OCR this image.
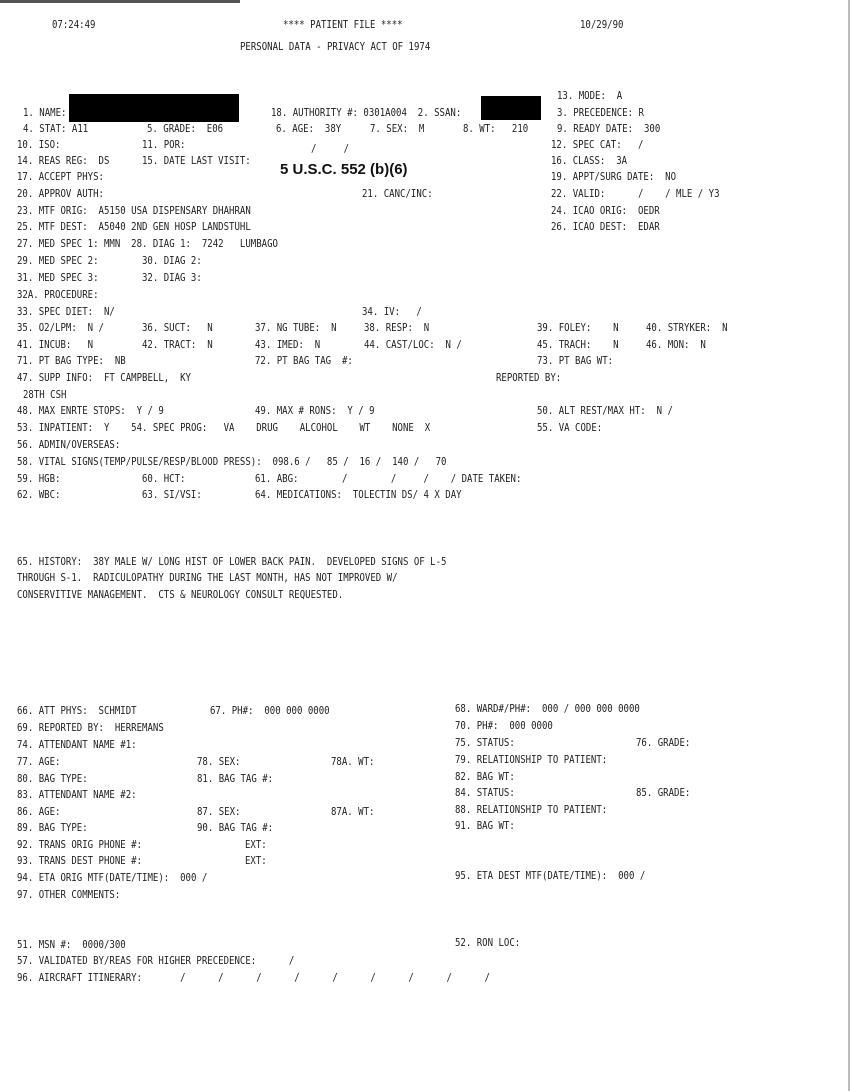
07:24:49	**** PATIENT FILE ****	10/29/90
PERSONAL DATA - PRIVACY ACT OF 1974
13. MODE:  A
1. NAME:	18. AUTHORITY #: 0301A004  2. SSAN:	3. PRECEDENCE: R
4. STAT: A11	5. GRADE:  E06	6. AGE:  38Y	7. SEX:  M	8. WT:   210	9. READY DATE:  300
10. ISO:	11. POR:	12. SPEC CAT:   /
/     /
14. REAS REG:  DS	15. DATE LAST VISIT: 5 U.S.C. 552 (b)(6)	16. CLASS:  3A
17. ACCEPT PHYS:	19. APPT/SURG DATE:  NO
20. APPROV AUTH:	21. CANC/INC:	22. VALID:      /    / MLE / Y3
23. MTF ORIG:  A5150 USA DISPENSARY DHAHRAN	24. ICAO ORIG:  OEDR
25. MTF DEST:  A5040 2ND GEN HOSP LANDSTUHL	26. ICAO DEST:  EDAR
27. MED SPEC 1: MMN  28. DIAG 1:  7242   LUMBAGO
29. MED SPEC 2:	30. DIAG 2:
31. MED SPEC 3:	32. DIAG 3:
32A. PROCEDURE:
33. SPEC DIET:  N/	34. IV:   /
35. O2/LPM:  N /	36. SUCT:   N	37. NG TUBE:  N	38. RESP:  N	39. FOLEY:    N	40. STRYKER:  N
41. INCUB:   N	42. TRACT:  N	43. IMED:  N	44. CAST/LOC:  N /	45. TRACH:    N	46. MON:  N
71. PT BAG TYPE:  NB	72. PT BAG TAG  #:	73. PT BAG WT:
47. SUPP INFO:  FT CAMPBELL,  KY	REPORTED BY:
28TH CSH
48. MAX ENRTE STOPS:  Y / 9	49. MAX # RONS:  Y / 9	50. ALT REST/MAX HT:  N /
53. INPATIENT:  Y    54. SPEC PROG:   VA    DRUG    ALCOHOL    WT    NONE  X	55. VA CODE:
56. ADMIN/OVERSEAS:
58. VITAL SIGNS(TEMP/PULSE/RESP/BLOOD PRESS):  098.6 /   85 /  16 /  140 /   70
59. HGB:	60. HCT:	61. ABG:        /        /     /    / DATE TAKEN:
62. WBC:	63. SI/VSI:	64. MEDICATIONS:  TOLECTIN DS/ 4 X DAY
65. HISTORY:  38Y MALE W/ LONG HIST OF LOWER BACK PAIN.  DEVELOPED SIGNS OF L-5
THROUGH S-1.  RADICULOPATHY DURING THE LAST MONTH, HAS NOT IMPROVED W/
CONSERVITIVE MANAGEMENT.  CTS & NEUROLOGY CONSULT REQUESTED.
66. ATT PHYS:  SCHMIDT	67. PH#:  000 000 0000	68. WARD#/PH#:  000 / 000 000 0000
69. REPORTED BY:  HERREMANS	70. PH#:  000 0000
74. ATTENDANT NAME #1:	75. STATUS:	76. GRADE:
77. AGE:	78. SEX:	78A. WT:	79. RELATIONSHIP TO PATIENT:
80. BAG TYPE:	81. BAG TAG #:	82. BAG WT:
83. ATTENDANT NAME #2:	84. STATUS:	85. GRADE:
86. AGE:	87. SEX:	87A. WT:	88. RELATIONSHIP TO PATIENT:
89. BAG TYPE:	90. BAG TAG #:	91. BAG WT:
92. TRANS ORIG PHONE #:	EXT:
93. TRANS DEST PHONE #:	EXT:
94. ETA ORIG MTF(DATE/TIME):  000 /	95. ETA DEST MTF(DATE/TIME):  000 /
97. OTHER COMMENTS:
51. MSN #:  0000/300	52. RON LOC:
57. VALIDATED BY/REAS FOR HIGHER PRECEDENCE:      /
96. AIRCRAFT ITINERARY:       /      /      /      /      /      /      /      /      /
